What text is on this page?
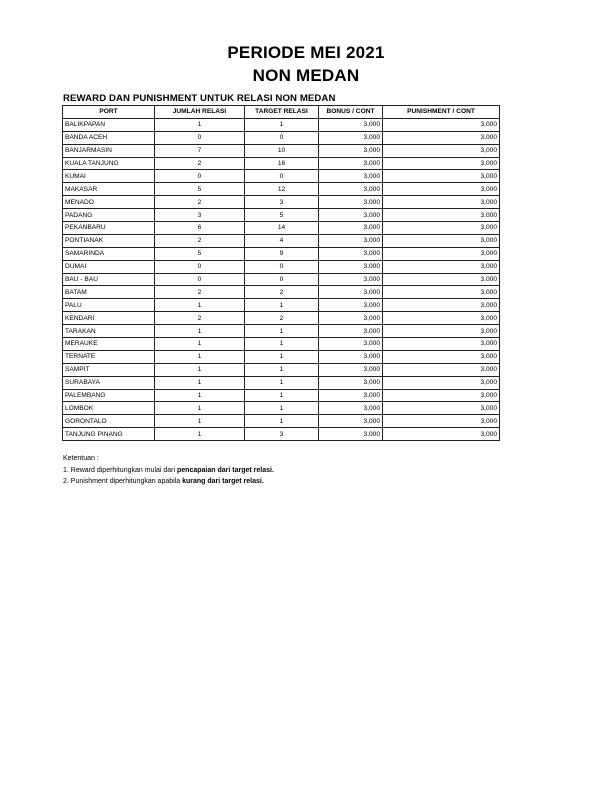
PERIODE MEI 2021
NON MEDAN
REWARD DAN PUNISHMENT UNTUK RELASI NON MEDAN
PORT	JUMLAH RELASI	TARGET RELASI	BONUS / CONT	PUNISHMENT / CONT
BALIKPAPAN	1	1	3,000	3,000
BANDA ACEH	0	0	3,000	3,000
BANJARMASIN	7	10	3,000	3,000
KUALA TANJUNG	2	16	3,000	3,000
KUMAI	0	0	3,000	3,000
MAKASAR	5	12	3,000	3,000
MENADO	2	3	3,000	3,000
PADANG	3	5	3,000	3,000
PEKANBARU	6	14	3,000	3,000
PONTIANAK	2	4	3,000	3,000
SAMARINDA	5	9	3,000	3,000
DUMAI	0	0	3,000	3,000
BAU - BAU	0	0	3,000	3,000
BATAM	2	2	3,000	3,000
PALU	1	1	3,000	3,000
KENDARI	2	2	3,000	3,000
TARAKAN	1	1	3,000	3,000
MERAUKE	1	1	3,000	3,000
TERNATE	1	1	3,000	3,000
SAMPIT	1	1	3,000	3,000
SURABAYA	1	1	3,000	3,000
PALEMBANG	1	1	3,000	3,000
LOMBOK	1	1	3,000	3,000
GORONTALO	1	1	3,000	3,000
TANJUNG PINANG	1	3	3,000	3,000
Ketentuan :
1. Reward diperhitungkan mulai dari pencapaian dari target relasi.
2. Punishment diperhitungkan apabila kurang dari target relasi.
